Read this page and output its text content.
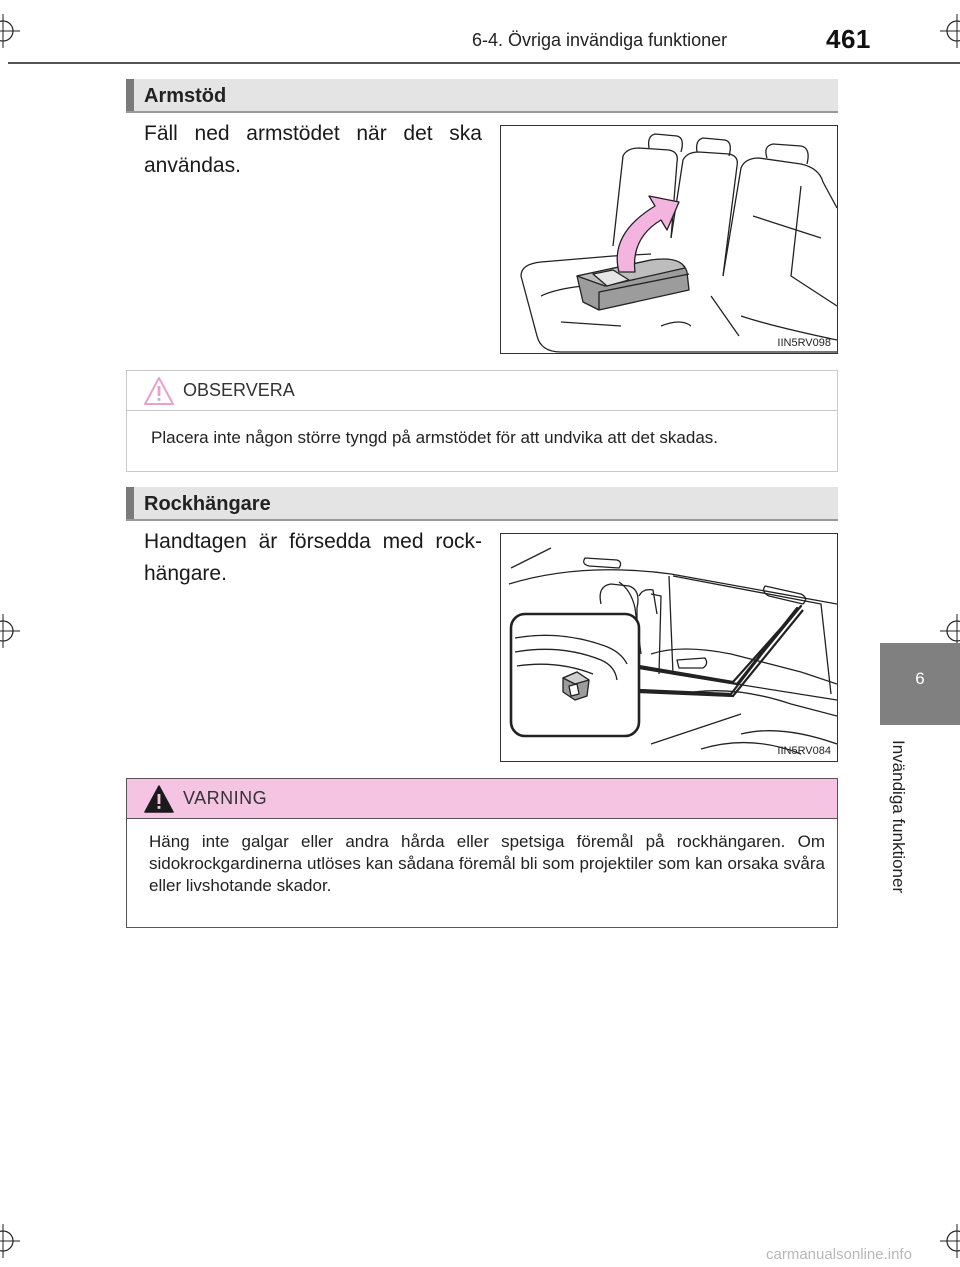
6-4. Övriga invändiga funktioner	461
6
Invändiga funktioner
Armstöd
Fäll ned armstödet när det ska användas.
IIN5RV098
OBSERVERA
Placera inte någon större tyngd på armstödet för att undvika att det skadas.
Rockhängare
Handtagen är försedda med rock-hängare.
IIN5RV084
VARNING
Häng inte galgar eller andra hårda eller spetsiga föremål på rockhängaren. Om sidokrockgardinerna utlöses kan sådana föremål bli som projektiler som kan orsaka svåra eller livshotande skador.
carmanualsonline.info
